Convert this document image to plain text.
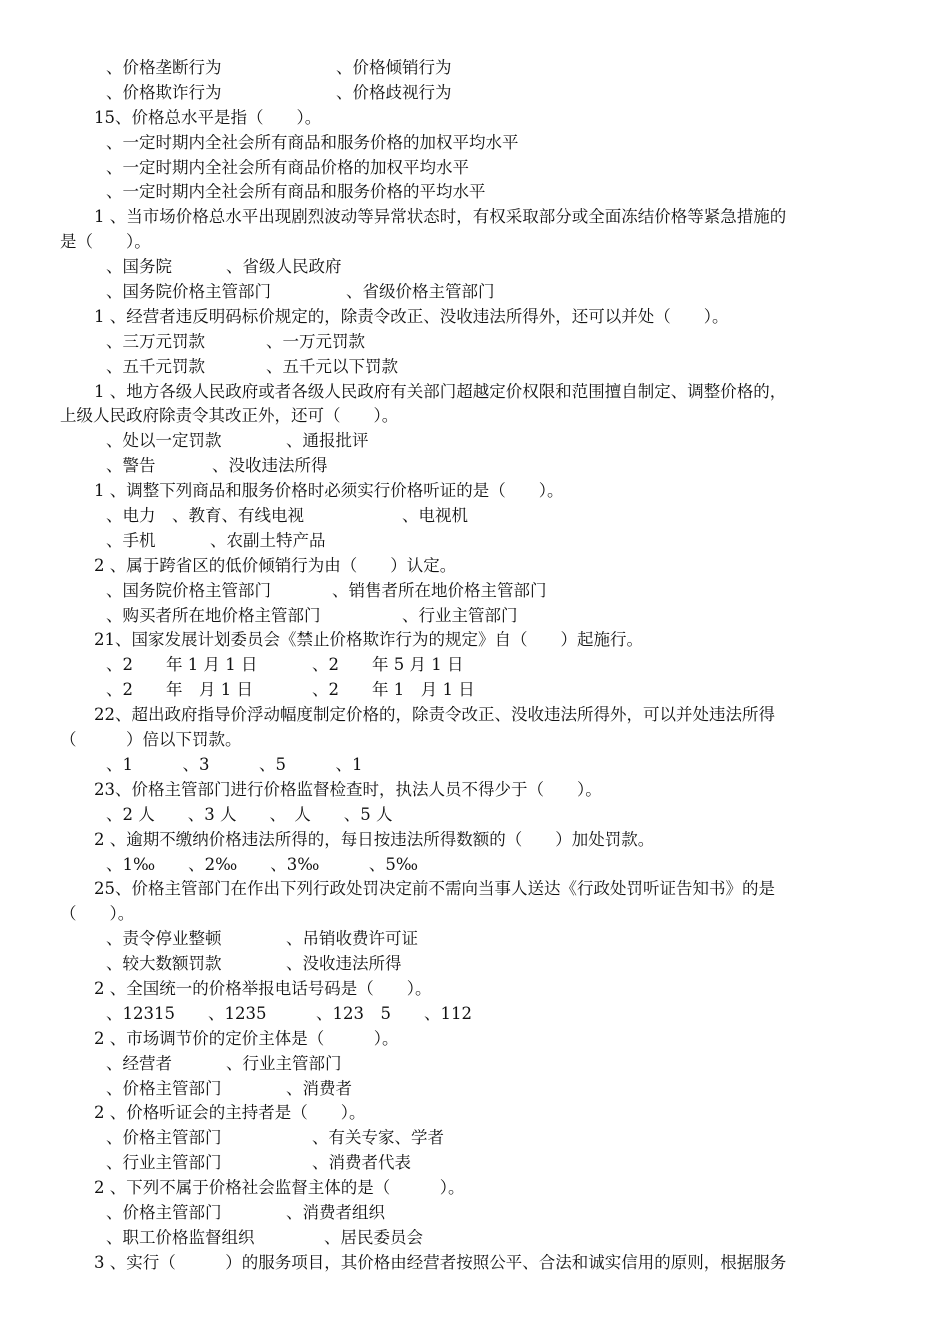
、价格垄断行为	、价格倾销行为
、价格欺诈行为	、价格歧视行为
15、价格总水平是指（　　）。
、一定时期内全社会所有商品和服务价格的加权平均水平
、一定时期内全社会所有商品价格的加权平均水平
、一定时期内全社会所有商品和服务价格的平均水平
1 、当市场价格总水平出现剧烈波动等异常状态时，有权采取部分或全面冻结价格等紧急措施的
是（　　）。
、国务院	、省级人民政府
、国务院价格主管部门	、省级价格主管部门
1 、经营者违反明码标价规定的，除责令改正、没收违法所得外，还可以并处（　　）。
、三万元罚款	、一万元罚款
、五千元罚款	、五千元以下罚款
1 、地方各级人民政府或者各级人民政府有关部门超越定价权限和范围擅自制定、调整价格的，
上级人民政府除责令其改正外，还可（　　）。
、处以一定罚款	、通报批评
、警告	、没收违法所得
1 、调整下列商品和服务价格时必须实行价格听证的是（　　）。
、电力　、教育、有线电视	、电视机
、手机	、农副土特产品
2 、属于跨省区的低价倾销行为由（　　）认定。
、国务院价格主管部门	、销售者所在地价格主管部门
、购买者所在地价格主管部门	、行业主管部门
21、国家发展计划委员会《禁止价格欺诈行为的规定》自（　　）起施行。
、2　　年 1 月 1 日	、2　　年 5 月 1 日
、2　　年　月 1 日	、2　　年 1　月 1 日
22、超出政府指导价浮动幅度制定价格的，除责令改正、没收违法所得外，可以并处违法所得
（　　　）倍以下罚款。
、1　　　、3　　　、5　　　、1
23、价格主管部门进行价格监督检查时，执法人员不得少于（　　）。
、2 人　　、3 人　　、　人　　、5 人
2 、逾期不缴纳价格违法所得的，每日按违法所得数额的（　　）加处罚款。
、1‰　　、2‰　　、3‰　　　、5‰
25、价格主管部门在作出下列行政处罚决定前不需向当事人送达《行政处罚听证告知书》的是
（　　）。
、责令停业整顿	、吊销收费许可证
、较大数额罚款	、没收违法所得
2 、全国统一的价格举报电话号码是（　　）。
、12315　　、1235　　　、123　5　　、112
2 、市场调节价的定价主体是（　　　）。
、经营者	、行业主管部门
、价格主管部门	、消费者
2 、价格听证会的主持者是（　　）。
、价格主管部门	、有关专家、学者
、行业主管部门	、消费者代表
2 、下列不属于价格社会监督主体的是（　　　）。
、价格主管部门	、消费者组织
、职工价格监督组织	、居民委员会
3 、实行（　　　）的服务项目，其价格由经营者按照公平、合法和诚实信用的原则，根据服务
